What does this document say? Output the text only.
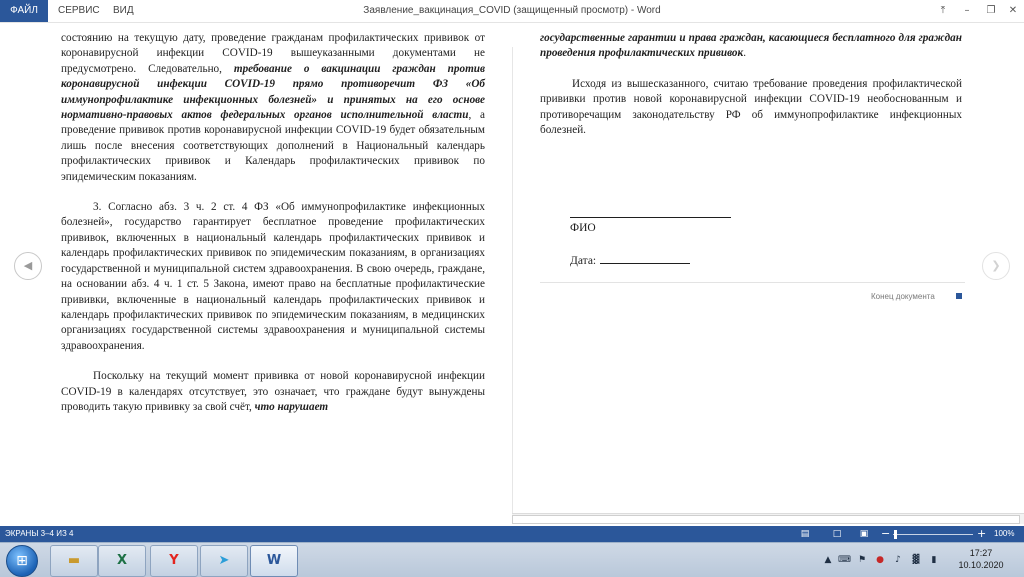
ФАЙЛ	СЕРВИС ВИД	Заявление_вакцинация_COVID (защищенный просмотр) - Word	⤒	–	❐	✕

состоянию на текущую дату, проведение гражданам профилактических прививок от коронавирусной инфекции COVID-19 вышеуказанными документами не предусмотрено. Следовательно, требование о вакцинации граждан против коронавирусной инфекции COVID-19 прямо противоречит ФЗ «Об иммунопрофилактике инфекционных болезней» и принятых на его основе нормативно-правовых актов федеральных органов исполнительной власти, а проведение прививок против коронавирусной инфекции COVID-19 будет обязательным лишь после внесения соответствующих дополнений в Национальный календарь профилактических прививок и Календарь профилактических прививок по эпидемическим показаниям.

3. Согласно абз. 3 ч. 2 ст. 4 ФЗ «Об иммунопрофилактике инфекционных болезней», государство гарантирует бесплатное проведение профилактических прививок, включенных в национальный календарь профилактических прививок и календарь профилактических прививок по эпидемическим показаниям, в организациях государственной и муниципальной систем здравоохранения. В свою очередь, граждане, на основании абз. 4 ч. 1 ст. 5 Закона, имеют право на бесплатные профилактические прививки, включенные в национальный календарь профилактических прививок и календарь профилактических прививок по эпидемическим показаниям, в медицинских организациях государственной системы здравоохранения и муниципальной системы здравоохранения.

Поскольку на текущий момент прививка от новой коронавирусной инфекции COVID-19 в календарях отсутствует, это означает, что граждане будут вынуждены проводить такую прививку за свой счёт, что нарушает

государственные гарантии и права граждан, касающиеся бесплатного для граждан проведения профилактических прививок.

Исходя из вышесказанного, считаю требование проведения профилактической прививки против новой коронавирусной инфекции COVID-19 необоснованным и противоречащим законодательству РФ об иммунопрофилактике инфекционных болезней.

ФИО
Дата:
Конец документа
◀	❯
ЭКРАНЫ 3–4 ИЗ 4	▤	□	▣ −	+ 100%
⊞	▬	X	Y	➤	W	▲ ⌨ ⚑ ●	♪	▓	▮
17:27
10.10.2020
